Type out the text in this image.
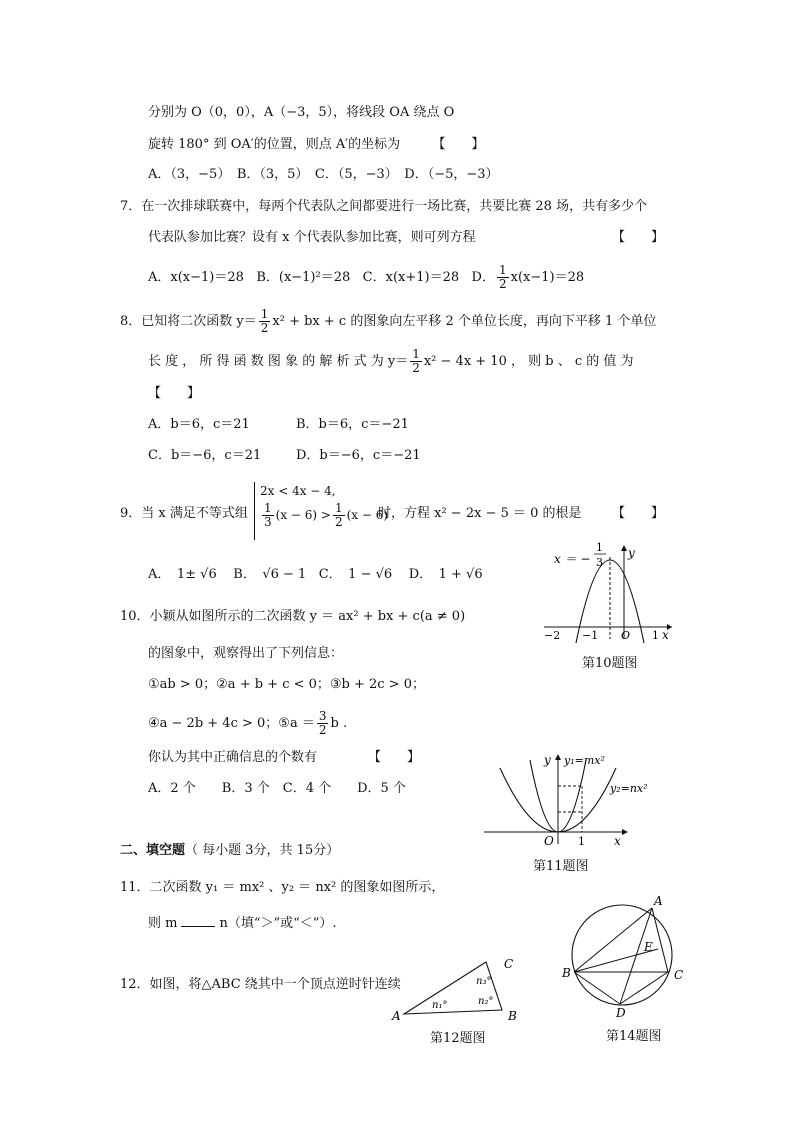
分别为 O（0，0），A（−3，5），将线段 OA 绕点 O
旋转 180° 到 OA′的位置，则点 A′的坐标为 【　　】
A．（3，−5）　B．（3，5）　C．（5，−3）　D．（−5，−3）
7．在一次排球联赛中，每两个代表队之间都要进行一场比赛，共要比赛 28 场，共有多少个
代表队参加比赛？设有 x 个代表队参加比赛，则可列方程	【　　】
A．x(x−1)＝28 B．(x−1)²＝28 C．x(x+1)＝28 D． $\frac{1}{2} x(x-1)=28$
8．已知将二次函数 $y= \frac{1}{2} x^2$ + bx + c 的图象向左平移 2 个单位长度，再向下平移 1 个单位
长 度 ， 所 得 函 数 图 象 的 解 析 式 为 $y= \frac{1}{2} x^2 - 4x + 10$ ， 则 b 、 c 的 值 为
【　　】
A．b＝6，c＝21	B．b＝6，c＝−21
C．b＝−6，c＝21	D．b＝−6，c＝−21
9．当 x 满足不等式组
2x < 4x − 4,
$\frac{1}{3} (x - 6) > \frac{1}{2} (x - 6)$
时，方程 x² − 2x − 5 ＝ 0 的根是 【　　】
A．　1± √6 B．　√6 − 1 C．　1 − √6 D．　1 + √6
10．小颖从如图所示的二次函数 y ＝ ax² + bx + c(a ≠ 0)
的图象中，观察得出了下列信息：
①ab > 0；②a + b + c < 0；③b + 2c > 0；
④a − 2b + 4c > 0；⑤a ＝ $\frac{3}{2}$ b .
你认为其中正确信息的个数有	【　　】
A．2 个　　B．3 个　C．4 个　　D．5 个
二、填空题（ 每小题 3分，共 15分）
11．二次函数 y₁ ＝ mx² 、y₂ ＝ nx² 的图象如图所示，
则 m	n（填“＞”或“＜”）.
12．如图，将△ABC 绕其中一个顶点逆时针连续
x ＝ −
1
3
y
x
−2 −1 O 1
第10题图
y y₁=mx²
y₂=nx²
O 1 x
第11题图
A	B
C
n₁°	n₂°
n₃°
第12题图
A
B	C
D
E
第14题图
